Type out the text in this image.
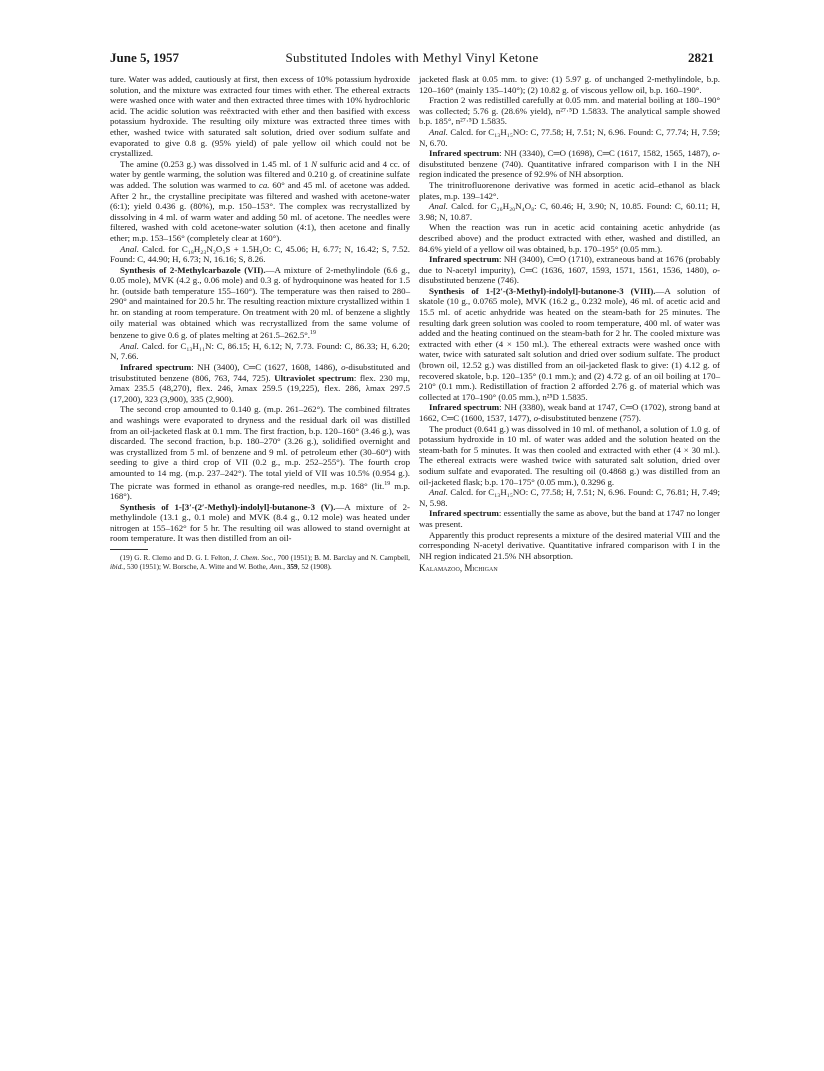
June 5, 1957	Substituted Indoles with Methyl Vinyl Ketone	2821

ture. Water was added, cautiously at first, then excess of 10% potassium hydroxide solution, and the mixture was extracted four times with ether. The ethereal extracts were washed once with water and then extracted three times with 10% hydrochloric acid. The acidic solution was reëxtracted with ether and then basified with excess potassium hydroxide. The resulting oily mixture was extracted three times with ether, washed twice with saturated salt solution, dried over sodium sulfate and evaporated to give 0.8 g. (95% yield) of pale yellow oil which could not be crystallized.

The amine (0.253 g.) was dissolved in 1.45 ml. of 1 N sulfuric acid and 4 cc. of water by gentle warming, the solution was filtered and 0.210 g. of creatinine sulfate was added. The solution was warmed to ca. 60° and 45 ml. of acetone was added. After 2 hr., the crystalline precipitate was filtered and washed with acetone-water (6:1); yield 0.436 g. (80%), m.p. 150–153°. The complex was recrystallized by dissolving in 4 ml. of warm water and adding 50 ml. of acetone. The needles were filtered, washed with cold acetone-water solution (4:1), then acetone and finally ether; m.p. 153–156° (completely clear at 160°).

Anal. Calcd. for C₁₈H₂₃N₂O₃S + 1.5H₂O: C, 45.06; H, 6.77; N, 16.42; S, 7.52. Found: C, 44.90; H, 6.73; N, 16.16; S, 8.26.

Synthesis of 2-Methylcarbazole (VII).—A mixture of 2-methylindole (6.6 g., 0.05 mole), MVK (4.2 g., 0.06 mole) and 0.3 g. of hydroquinone was heated for 1.5 hr. (outside bath temperature 155–160°). The temperature was then raised to 280–290° and maintained for 20.5 hr. The resulting reaction mixture crystallized within 1 hr. on standing at room temperature. On treatment with 20 ml. of benzene a slightly oily material was obtained which was recrystallized from the same volume of benzene to give 0.6 g. of plates melting at 261.5–262.5°.$^{19}$

Anal. Calcd. for C₁₃H₁₁N: C, 86.15; H, 6.12; N, 7.73. Found: C, 86.33; H, 6.20; N, 7.66.

Infrared spectrum: NH (3400), C═C (1627, 1608, 1486), o-disubstituted and trisubstituted benzene (806, 763, 744, 725). Ultraviolet spectrum: flex. 230 mμ, λmax 235.5 (48,270), flex. 246, λmax 259.5 (19,225), flex. 286, λmax 297.5 (17,200), 323 (3,900), 335 (2,900).

The second crop amounted to 0.140 g. (m.p. 261–262°). The combined filtrates and washings were evaporated to dryness and the residual dark oil was distilled from an oil-jacketed flask at 0.1 mm. The first fraction, b.p. 120–160° (3.46 g.), was discarded. The second fraction, b.p. 180–270° (3.26 g.), solidified overnight and was crystallized from 5 ml. of benzene and 9 ml. of petroleum ether (30–60°) with seeding to give a third crop of VII (0.2 g., m.p. 252–255°). The fourth crop amounted to 14 mg. (m.p. 237–242°). The total yield of VII was 10.5% (0.954 g.). The picrate was formed in ethanol as orange-red needles, m.p. 168° (lit.$^{19}$ m.p. 168°).

Synthesis of 1-[3′-(2′-Methyl)-indolyl]-butanone-3 (V).—A mixture of 2-methylindole (13.1 g., 0.1 mole) and MVK (8.4 g., 0.12 mole) was heated under nitrogen at 155–162° for 5 hr. The resulting oil was allowed to stand overnight at room temperature. It was then distilled from an oil-

(19) G. R. Clemo and D. G. I. Felton, J. Chem. Soc., 700 (1951); B. M. Barclay and N. Campbell, ibid., 530 (1951); W. Borsche, A. Witte and W. Bothe, Ann., 359, 52 (1908).

jacketed flask at 0.05 mm. to give: (1) 5.97 g. of unchanged 2-methylindole, b.p. 120–160° (mainly 135–140°); (2) 10.82 g. of viscous yellow oil, b.p. 160–190°.

Fraction 2 was redistilled carefully at 0.05 mm. and material boiling at 180–190° was collected; 5.76 g. (28.6% yield), n²⁷·⁵D 1.5833. The analytical sample showed b.p. 185°, n²⁷·⁵D 1.5835.

Anal. Calcd. for C₁₃H₁₅NO: C, 77.58; H, 7.51; N, 6.96. Found: C, 77.74; H, 7.59; N, 6.70.

Infrared spectrum: NH (3340), C═O (1698), C═C (1617, 1582, 1565, 1487), o-disubstituted benzene (740). Quantitative infrared comparison with I in the NH region indicated the presence of 92.9% of NH absorption.

The trinitrofluorenone derivative was formed in acetic acid–ethanol as black plates, m.p. 139–142°.

Anal. Calcd. for C₂₆H₂₀N₄O₈: C, 60.46; H, 3.90; N, 10.85. Found: C, 60.11; H, 3.98; N, 10.87.

When the reaction was run in acetic acid containing acetic anhydride (as described above) and the product extracted with ether, washed and distilled, an 84.6% yield of a yellow oil was obtained, b.p. 170–195° (0.05 mm.).

Infrared spectrum: NH (3400), C═O (1710), extraneous band at 1676 (probably due to N-acetyl impurity), C═C (1636, 1607, 1593, 1571, 1561, 1536, 1480), o-disubstituted benzene (746).

Synthesis of 1-[2′-(3-Methyl)-indolyl]-butanone-3 (VIII).—A solution of skatole (10 g., 0.0765 mole), MVK (16.2 g., 0.232 mole), 46 ml. of acetic acid and 15.5 ml. of acetic anhydride was heated on the steam-bath for 25 minutes. The resulting dark green solution was cooled to room temperature, 400 ml. of water was added and the heating continued on the steam-bath for 2 hr. The cooled mixture was extracted with ether (4 × 150 ml.). The ethereal extracts were washed once with water, twice with saturated salt solution and dried over sodium sulfate. The product (brown oil, 12.52 g.) was distilled from an oil-jacketed flask to give: (1) 4.12 g. of recovered skatole, b.p. 120–135° (0.1 mm.); and (2) 4.72 g. of an oil boiling at 170–210° (0.1 mm.). Redistillation of fraction 2 afforded 2.76 g. of material which was collected at 170–190° (0.05 mm.), n²⁵D 1.5835.

Infrared spectrum: NH (3380), weak band at 1747, C═O (1702), strong band at 1662, C═C (1600, 1537, 1477), o-disubstituted benzene (757).

The product (0.641 g.) was dissolved in 10 ml. of methanol, a solution of 1.0 g. of potassium hydroxide in 10 ml. of water was added and the solution heated on the steam-bath for 5 minutes. It was then cooled and extracted with ether (4 × 30 ml.). The ethereal extracts were washed twice with saturated salt solution, dried over sodium sulfate and evaporated. The resulting oil (0.4868 g.) was distilled from an oil-jacketed flask; b.p. 170–175° (0.05 mm.), 0.3296 g.

Anal. Calcd. for C₁₃H₁₅NO: C, 77.58; H, 7.51; N, 6.96. Found: C, 76.81; H, 7.49; N, 5.98.

Infrared spectrum: essentially the same as above, but the band at 1747 no longer was present.

Apparently this product represents a mixture of the desired material VIII and the corresponding N-acetyl derivative. Quantitative infrared comparison with I in the NH region indicated 21.5% NH absorption.

Kalamazoo, Michigan
